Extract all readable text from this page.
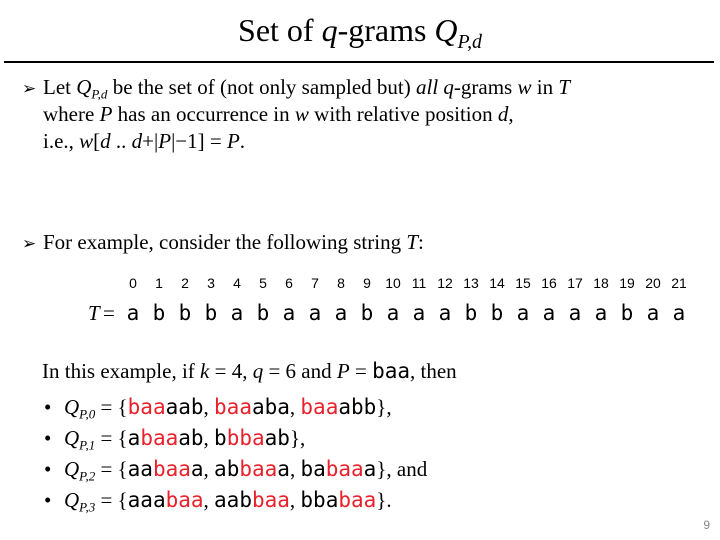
Set of q-grams $Q_{P,d}$
➢ Let $Q_{P,d}$ be the set of (not only sampled but) all q-grams w in T
where P has an occurrence in w with relative position d,
i.e., w[d .. d+|P|−1] = P.
➢ For example, consider the following string T:
0	1	2	3	4	5	6	7	8	9	10 11 12 13 14 15 16 17 18 19 20 21
T = a b b b a b a a a b a a a b b a a a a b a a
In this example, if k = 4, q = 6 and P = baa, then
• $Q_{P,0}$ = {baaaab, baaaba, baaabb},
• $Q_{P,1}$ = {abaaab, bbbaab},
• $Q_{P,2}$ = {aabaaa, abbaaa, babaaa}, and
• $Q_{P,3}$ = {aaabaa, aabbaa, bbabaa}.
9
